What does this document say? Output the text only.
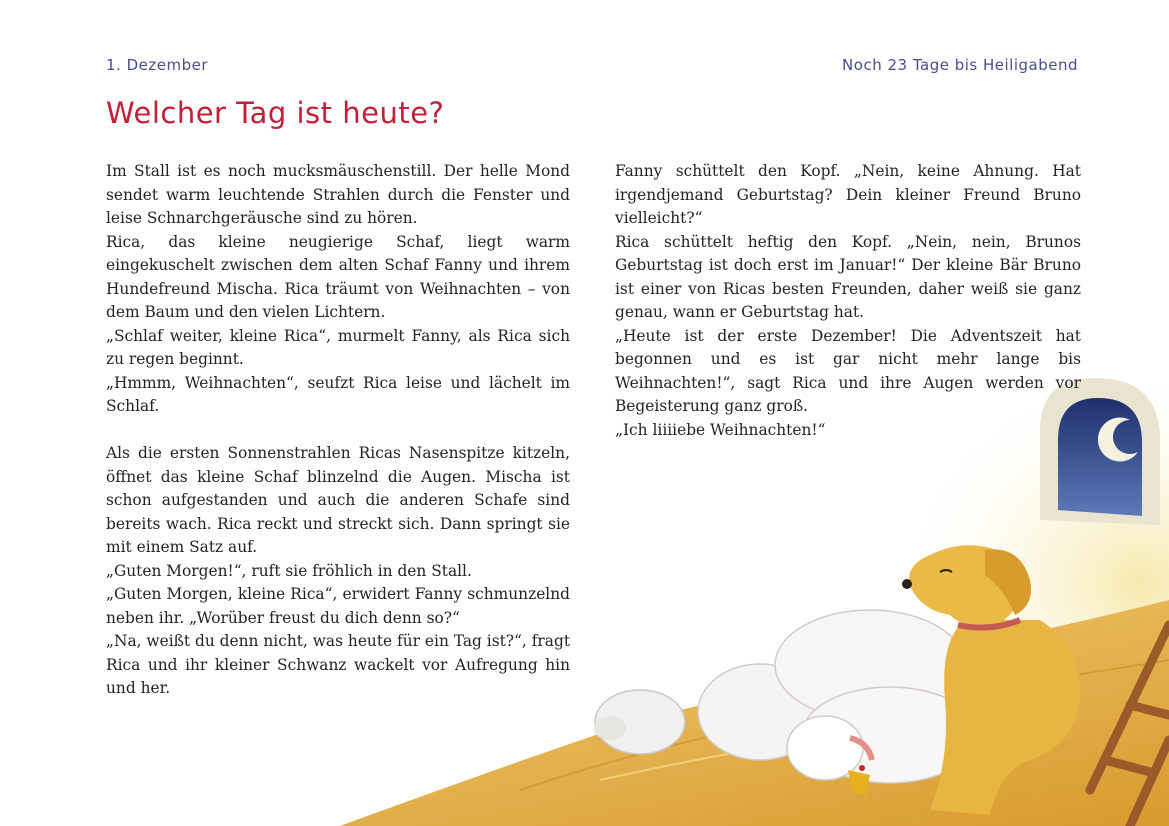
1. Dezember	Noch 23 Tage bis Heiligabend
Welcher Tag ist heute?

Im Stall ist es noch mucksmäuschenstill. Der helle Mond sendet warm leuchtende Strahlen durch die Fenster und leise Schnarchgeräusche sind zu hören.

Rica, das kleine neugierige Schaf, liegt warm eingekuschelt zwischen dem alten Schaf Fanny und ihrem Hundefreund Mischa. Rica träumt von Weihnachten – von dem Baum und den vielen Lichtern.

„Schlaf weiter, kleine Rica“, murmelt Fanny, als Rica sich zu regen beginnt.

„Hmmm, Weihnachten“, seufzt Rica leise und lächelt im Schlaf.

Als die ersten Sonnenstrahlen Ricas Nasenspitze kitzeln, öffnet das kleine Schaf blinzelnd die Augen. Mischa ist schon aufgestanden und auch die anderen Schafe sind bereits wach. Rica reckt und streckt sich. Dann springt sie mit einem Satz auf.

„Guten Morgen!“, ruft sie fröhlich in den Stall.

„Guten Morgen, kleine Rica“, erwidert Fanny schmunzelnd neben ihr. „Worüber freust du dich denn so?“

„Na, weißt du denn nicht, was heute für ein Tag ist?“, fragt Rica und ihr kleiner Schwanz wackelt vor Aufregung hin und her.

Fanny schüttelt den Kopf. „Nein, keine Ahnung. Hat irgendjemand Geburtstag? Dein kleiner Freund Bruno vielleicht?“

Rica schüttelt heftig den Kopf. „Nein, nein, Brunos Geburtstag ist doch erst im Januar!“ Der kleine Bär Bruno ist einer von Ricas besten Freunden, daher weiß sie ganz genau, wann er Geburtstag hat.

„Heute ist der erste Dezember! Die Adventszeit hat begonnen und es ist gar nicht mehr lange bis Weihnachten!“, sagt Rica und ihre Augen werden vor Begeisterung ganz groß.

„Ich liiiiebe Weihnachten!“
